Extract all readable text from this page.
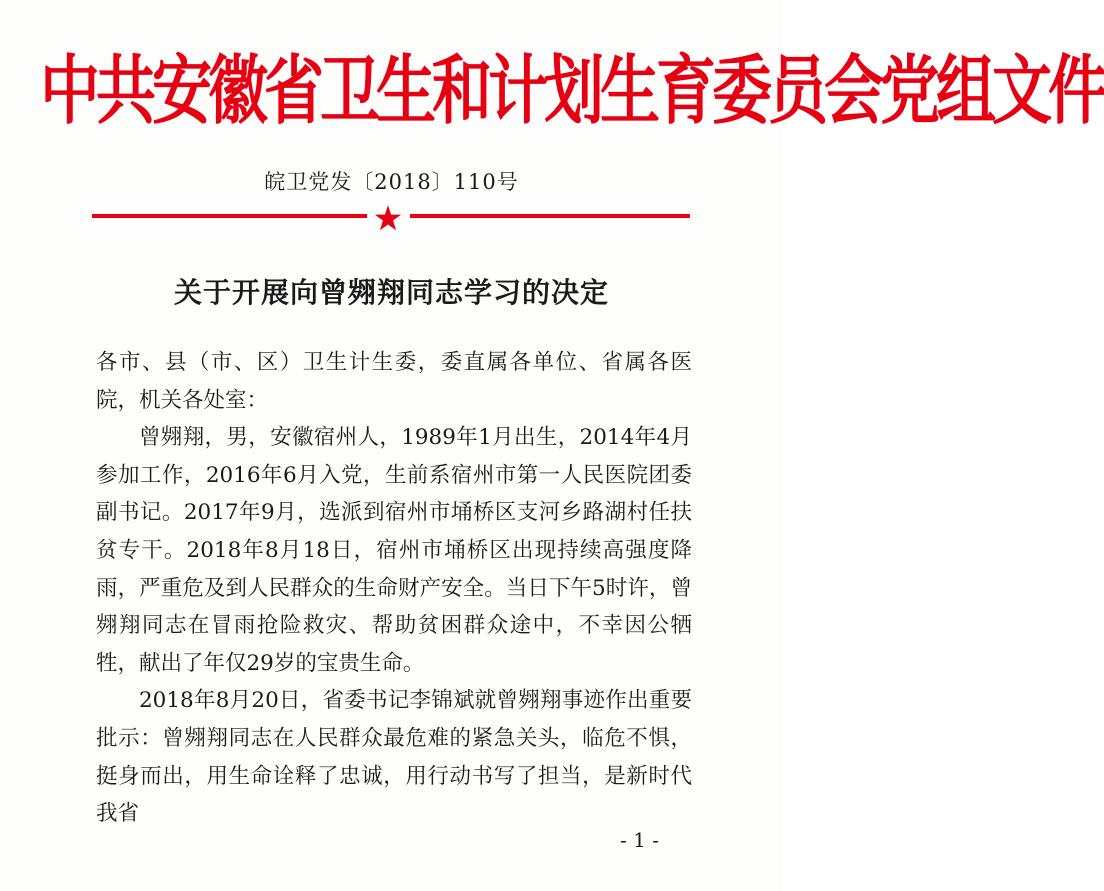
中共安徽省卫生和计划生育委员会党组文件
皖卫党发〔2018〕110号
关于开展向曾翙翔同志学习的决定

各市、县（市、区）卫生计生委，委直属各单位、省属各医院，机关各处室：

曾翙翔，男，安徽宿州人，1989年1月出生，2014年4月参加工作，2016年6月入党，生前系宿州市第一人民医院团委副书记。2017年9月，选派到宿州市埇桥区支河乡路湖村任扶贫专干。2018年8月18日，宿州市埇桥区出现持续高强度降雨，严重危及到人民群众的生命财产安全。当日下午5时许，曾翙翔同志在冒雨抢险救灾、帮助贫困群众途中，不幸因公牺牲，献出了年仅29岁的宝贵生命。

2018年8月20日，省委书记李锦斌就曾翙翔事迹作出重要批示：曾翙翔同志在人民群众最危难的紧急关头，临危不惧，挺身而出，用生命诠释了忠诚，用行动书写了担当，是新时代我省

- 1 -
